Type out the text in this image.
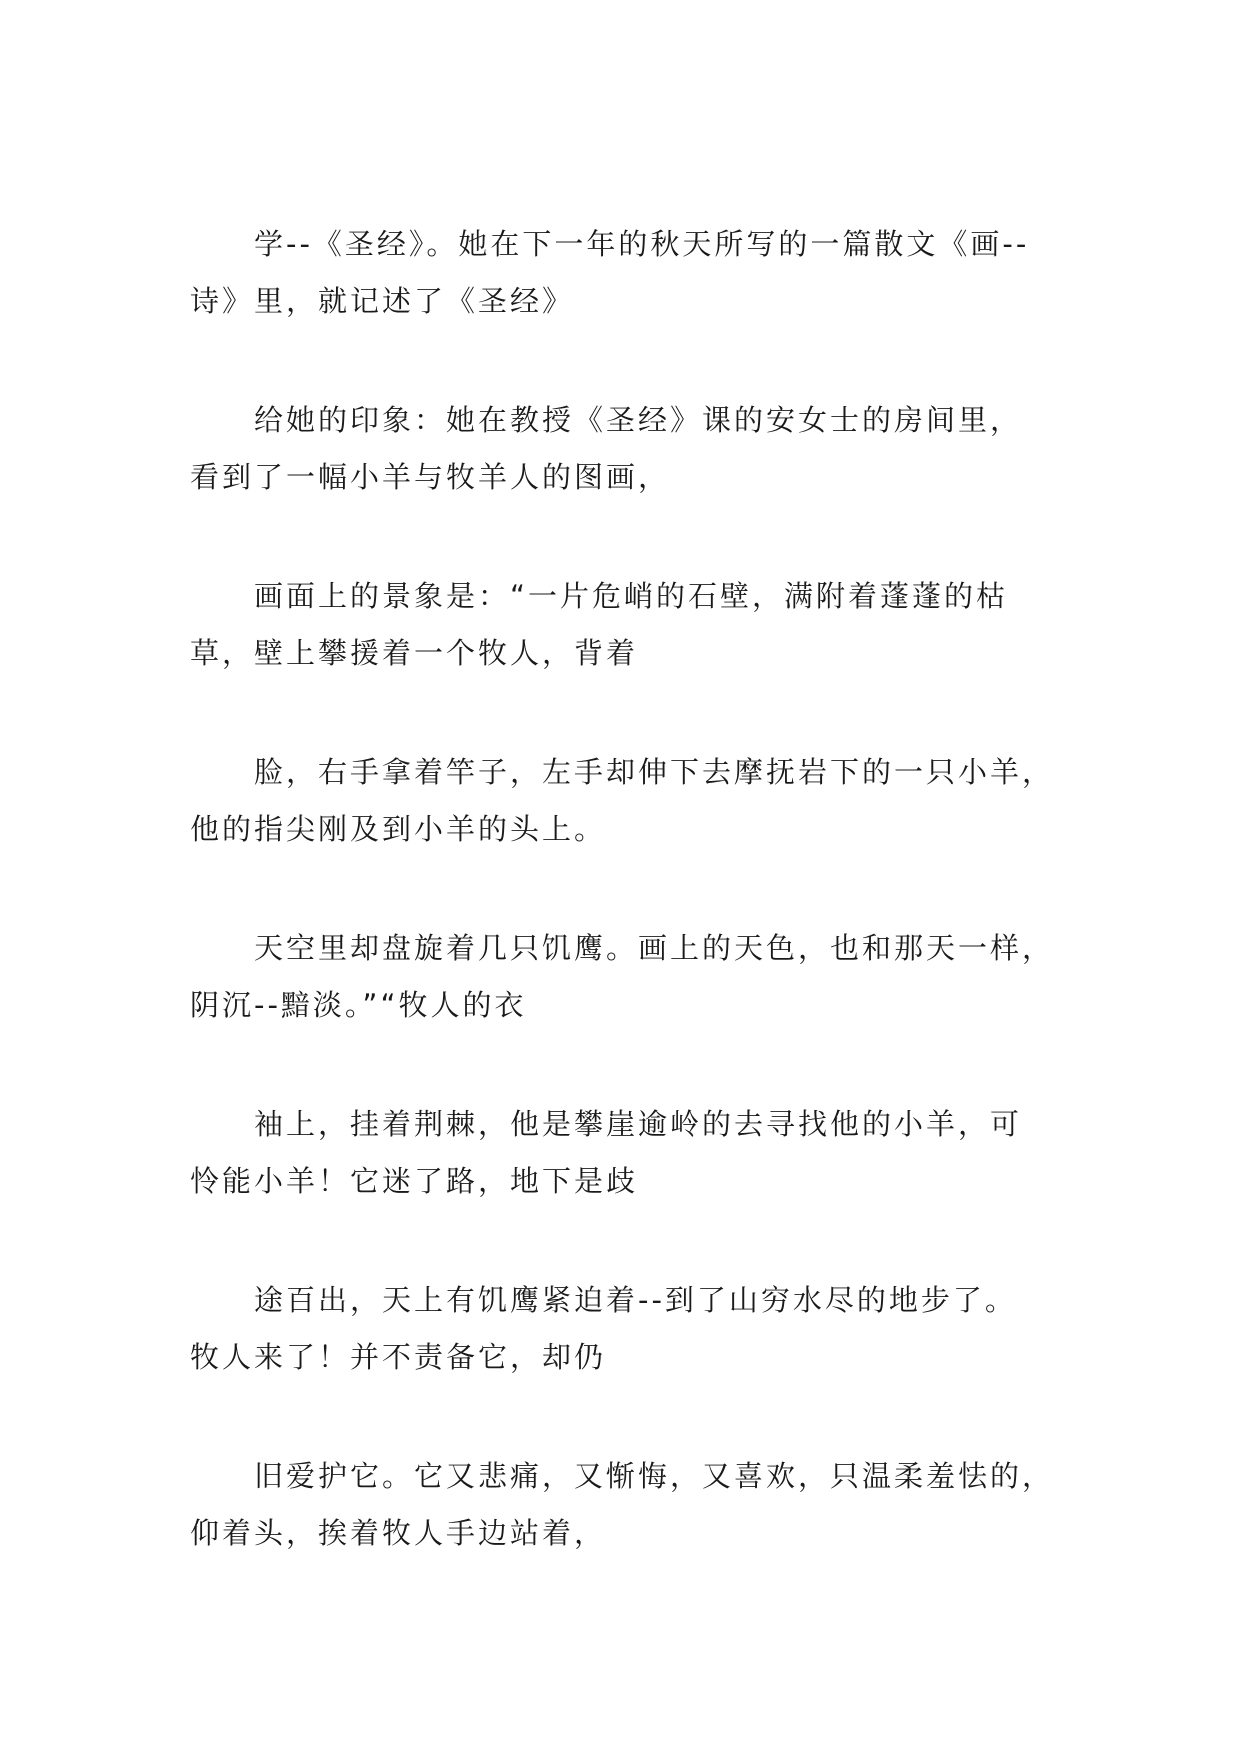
学--《圣经》。她在下一年的秋天所写的一篇散文《画--
诗》里，就记述了《圣经》

给她的印象：她在教授《圣经》课的安女士的房间里，
看到了一幅小羊与牧羊人的图画，

画面上的景象是：“一片危峭的石壁，满附着蓬蓬的枯
草，壁上攀援着一个牧人，背着

脸，右手拿着竿子，左手却伸下去摩抚岩下的一只小羊，
他的指尖刚及到小羊的头上。

天空里却盘旋着几只饥鹰。画上的天色，也和那天一样，
阴沉--黯淡。”“牧人的衣

袖上，挂着荆棘，他是攀崖逾岭的去寻找他的小羊，可
怜能小羊！它迷了路，地下是歧

途百出，天上有饥鹰紧迫着--到了山穷水尽的地步了。
牧人来了！并不责备它，却仍

旧爱护它。它又悲痛，又惭悔，又喜欢，只温柔羞怯的，
仰着头，挨着牧人手边站着，
